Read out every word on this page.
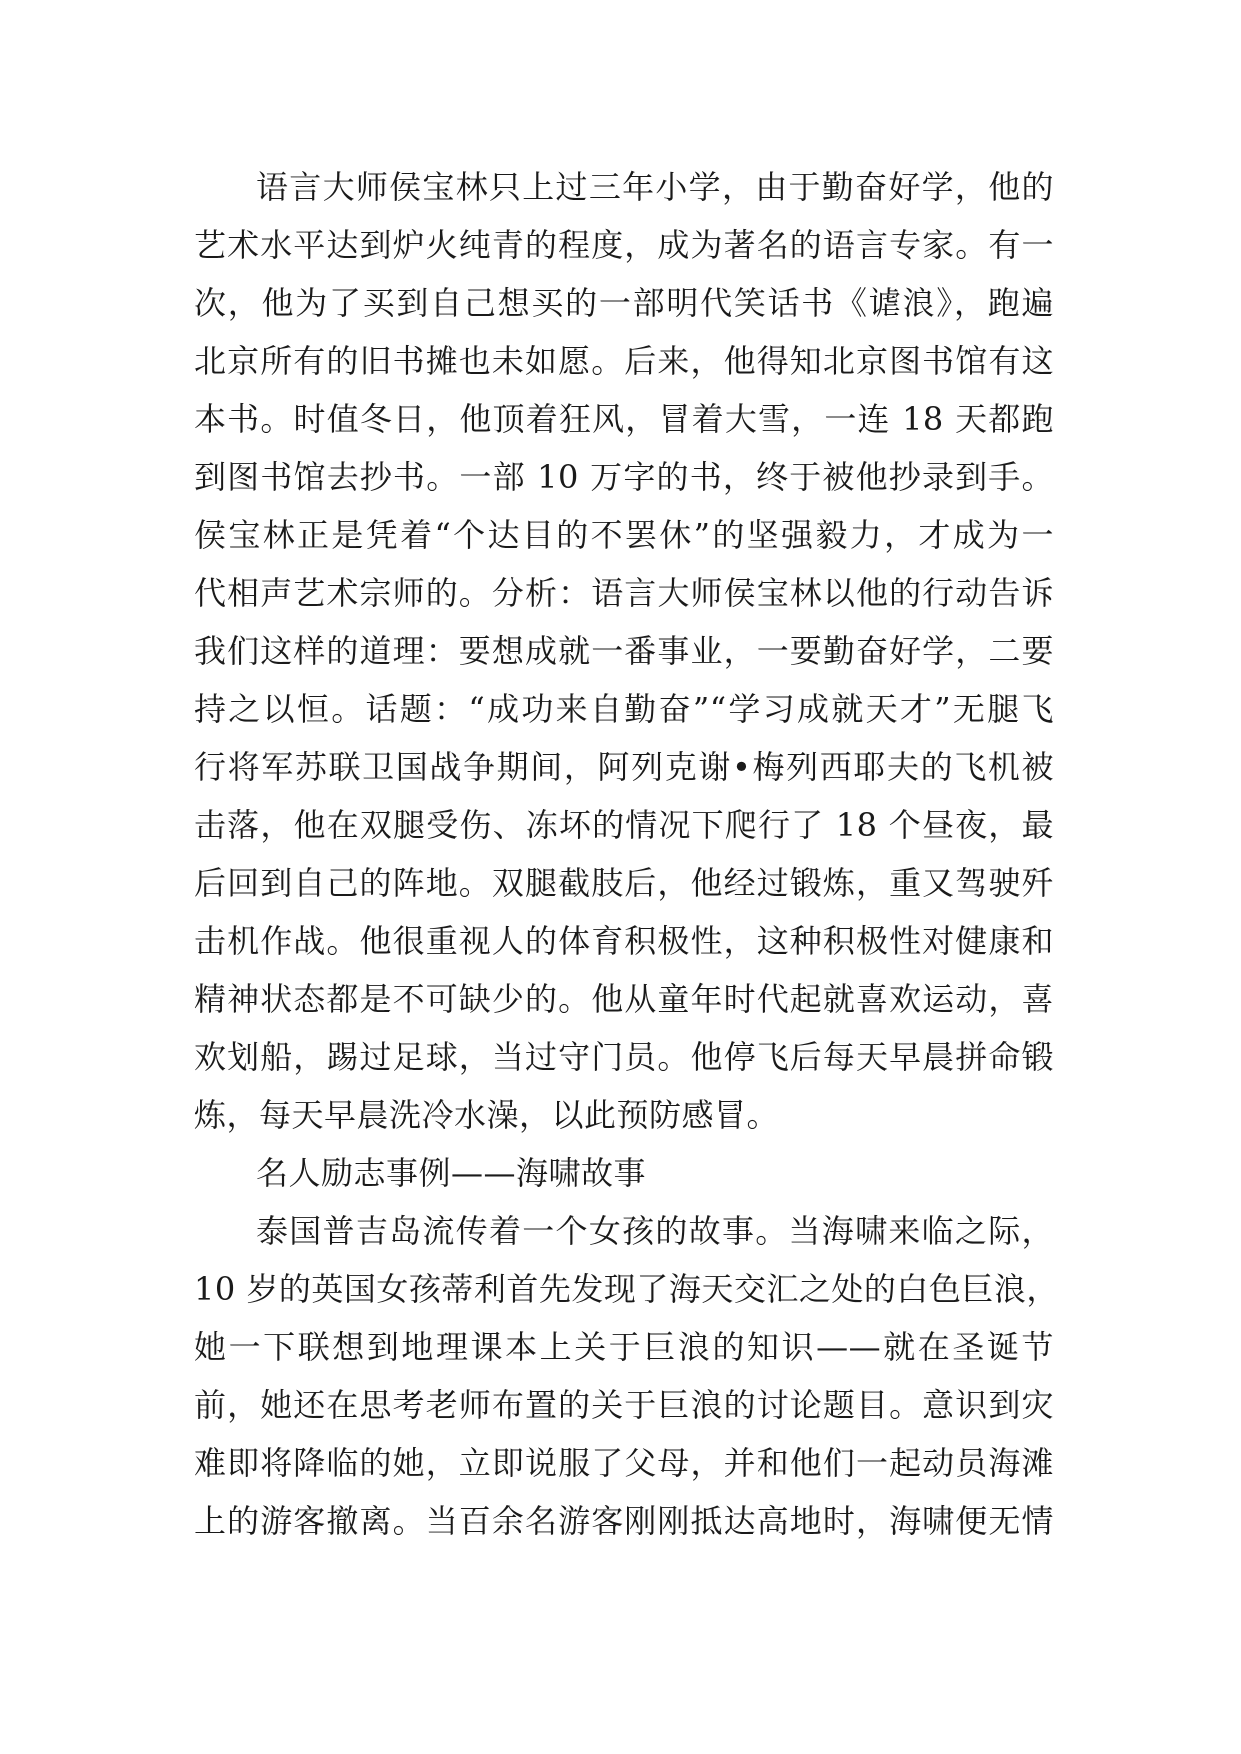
语言大师侯宝林只上过三年小学，由于勤奋好学，他的
艺术水平达到炉火纯青的程度，成为著名的语言专家。有一
次，他为了买到自己想买的一部明代笑话书《谑浪》，跑遍
北京所有的旧书摊也未如愿。后来，他得知北京图书馆有这
本书。时值冬日，他顶着狂风，冒着大雪，一连 18 天都跑
到图书馆去抄书。一部 10 万字的书，终于被他抄录到手。
侯宝林正是凭着“个达目的不罢休”的坚强毅力，才成为一
代相声艺术宗师的。分析：语言大师侯宝林以他的行动告诉
我们这样的道理：要想成就一番事业，一要勤奋好学，二要
持之以恒。话题：“成功来自勤奋”“学习成就天才”无腿飞
行将军苏联卫国战争期间，阿列克谢•梅列西耶夫的飞机被
击落，他在双腿受伤、冻坏的情况下爬行了 18 个昼夜，最
后回到自己的阵地。双腿截肢后，他经过锻炼，重又驾驶歼
击机作战。他很重视人的体育积极性，这种积极性对健康和
精神状态都是不可缺少的。他从童年时代起就喜欢运动，喜
欢划船，踢过足球，当过守门员。他停飞后每天早晨拼命锻
炼，每天早晨洗冷水澡，以此预防感冒。
名人励志事例——海啸故事
泰国普吉岛流传着一个女孩的故事。当海啸来临之际，
10 岁的英国女孩蒂利首先发现了海天交汇之处的白色巨浪，
她一下联想到地理课本上关于巨浪的知识——就在圣诞节
前，她还在思考老师布置的关于巨浪的讨论题目。意识到灾
难即将降临的她，立即说服了父母，并和他们一起动员海滩
上的游客撤离。当百余名游客刚刚抵达高地时，海啸便无情
